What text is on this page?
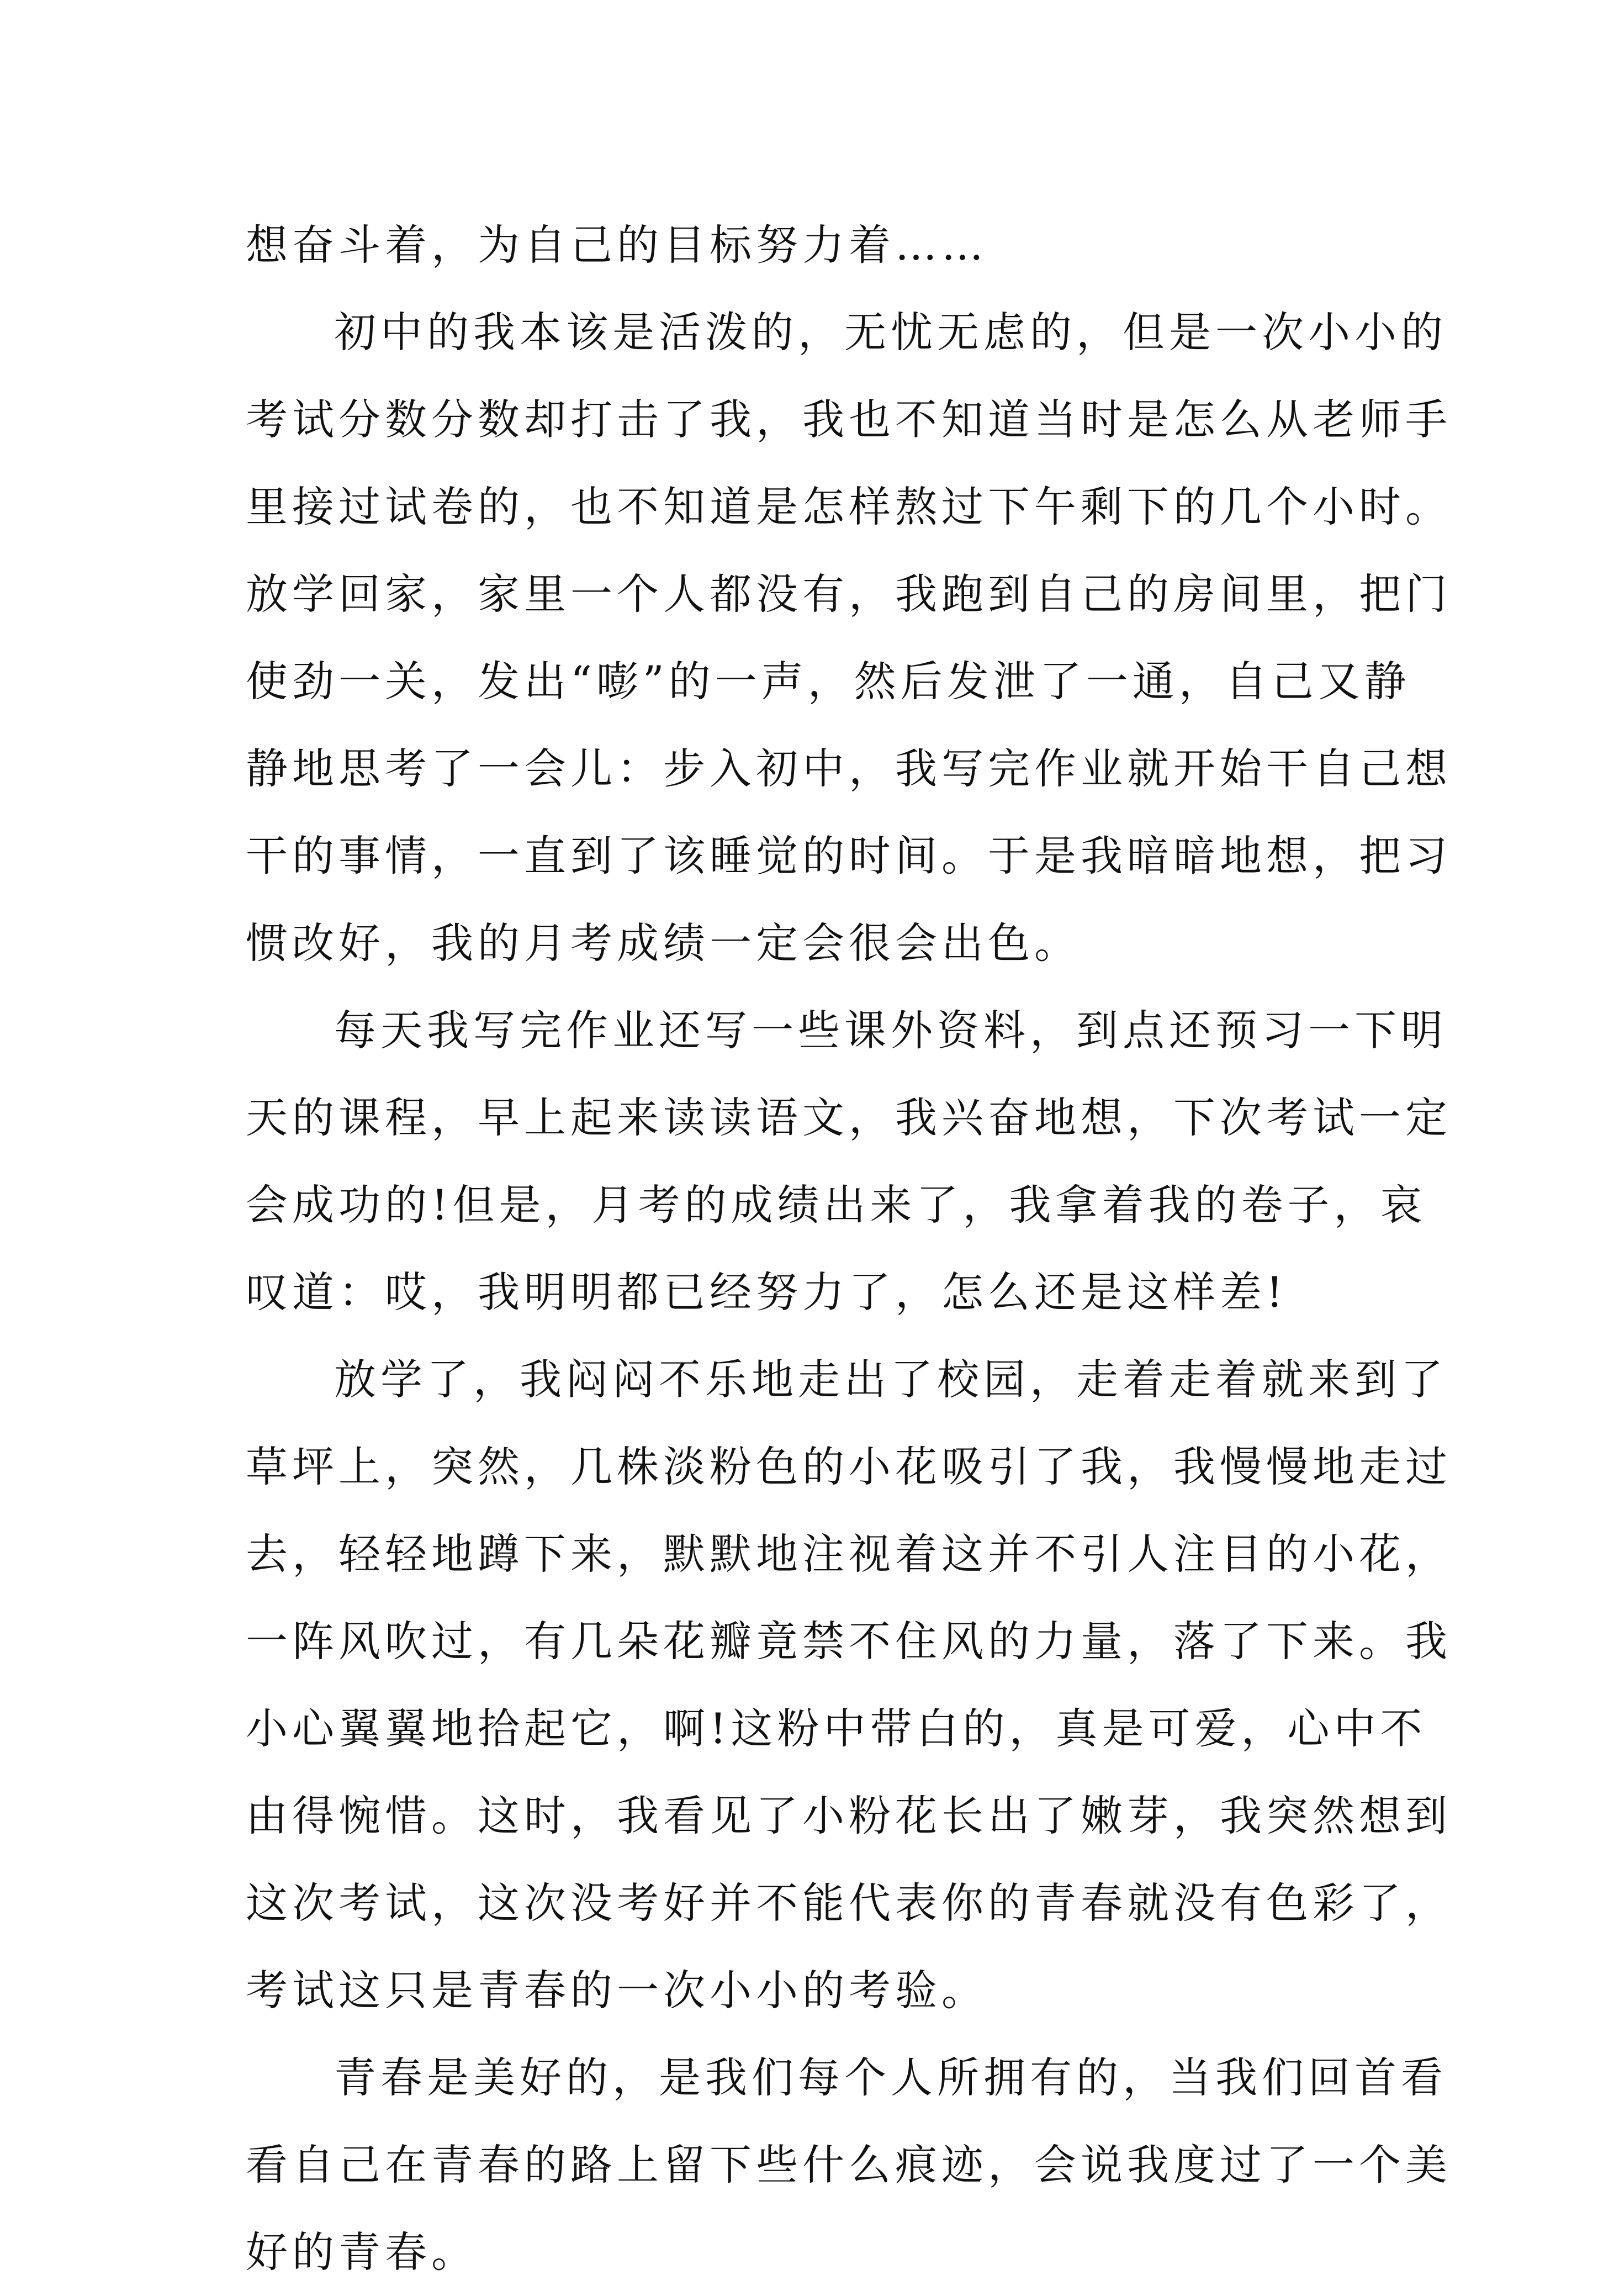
想奋斗着，为自己的目标努力着……
初中的我本该是活泼的，无忧无虑的，但是一次小小的
考试分数分数却打击了我，我也不知道当时是怎么从老师手
里接过试卷的，也不知道是怎样熬过下午剩下的几个小时。
放学回家，家里一个人都没有，我跑到自己的房间里，把门
使劲一关，发出“嘭”的一声，然后发泄了一通，自己又静
静地思考了一会儿：步入初中，我写完作业就开始干自己想
干的事情，一直到了该睡觉的时间。于是我暗暗地想，把习
惯改好，我的月考成绩一定会很会出色。
每天我写完作业还写一些课外资料，到点还预习一下明
天的课程，早上起来读读语文，我兴奋地想，下次考试一定
会成功的!但是，月考的成绩出来了，我拿着我的卷子，哀
叹道：哎，我明明都已经努力了，怎么还是这样差!
放学了，我闷闷不乐地走出了校园，走着走着就来到了
草坪上，突然，几株淡粉色的小花吸引了我，我慢慢地走过
去，轻轻地蹲下来，默默地注视着这并不引人注目的小花，
一阵风吹过，有几朵花瓣竟禁不住风的力量，落了下来。我
小心翼翼地拾起它，啊!这粉中带白的，真是可爱，心中不
由得惋惜。这时，我看见了小粉花长出了嫩芽，我突然想到
这次考试，这次没考好并不能代表你的青春就没有色彩了，
考试这只是青春的一次小小的考验。
青春是美好的，是我们每个人所拥有的，当我们回首看
看自己在青春的路上留下些什么痕迹，会说我度过了一个美
好的青春。
